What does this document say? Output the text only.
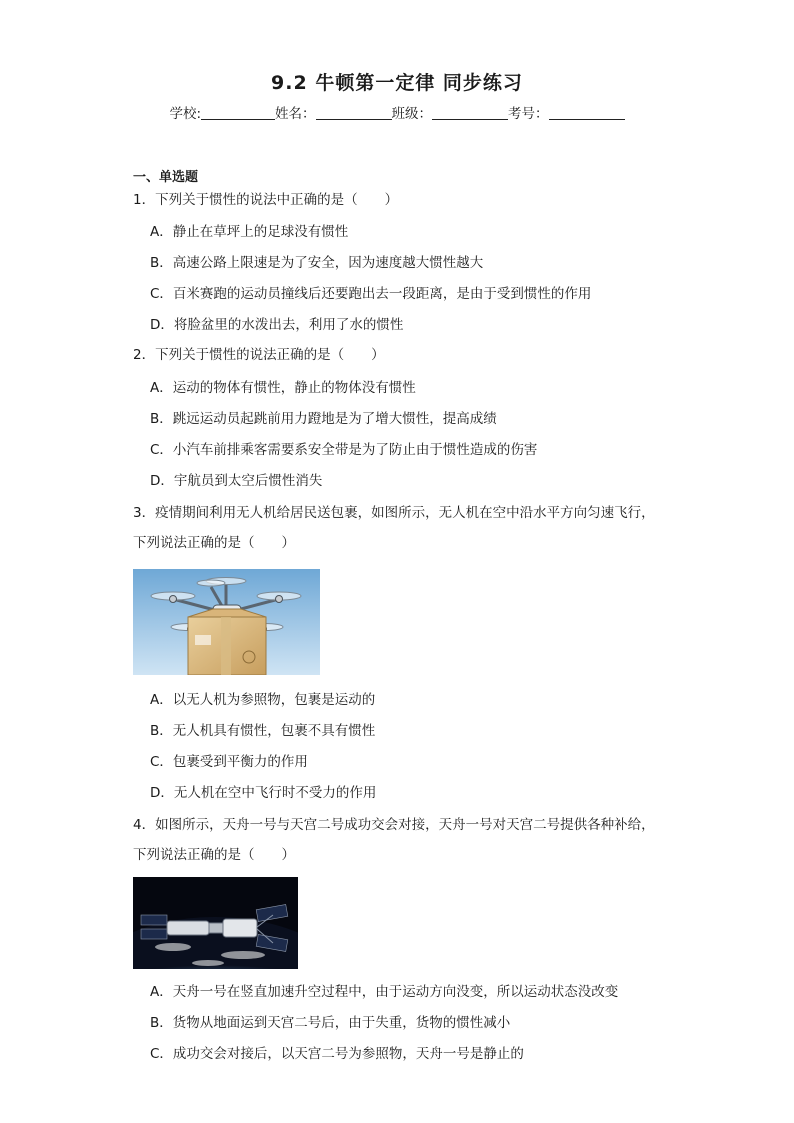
9.2 牛顿第一定律 同步练习
学校:	姓名：	班级：	考号：
一、单选题
1．下列关于惯性的说法中正确的是（　　）
A．静止在草坪上的足球没有惯性
B．高速公路上限速是为了安全，因为速度越大惯性越大
C．百米赛跑的运动员撞线后还要跑出去一段距离，是由于受到惯性的作用
D．将脸盆里的水泼出去，利用了水的惯性
2．下列关于惯性的说法正确的是（　　）
A．运动的物体有惯性，静止的物体没有惯性
B．跳远运动员起跳前用力蹬地是为了增大惯性，提高成绩
C．小汽车前排乘客需要系安全带是为了防止由于惯性造成的伤害
D．宇航员到太空后惯性消失
3．疫情期间利用无人机给居民送包裹，如图所示，无人机在空中沿水平方向匀速飞行，
下列说法正确的是（　　）
A．以无人机为参照物，包裹是运动的
B．无人机具有惯性，包裹不具有惯性
C．包裹受到平衡力的作用
D．无人机在空中飞行时不受力的作用
4．如图所示，天舟一号与天宫二号成功交会对接，天舟一号对天宫二号提供各种补给，
下列说法正确的是（　　）
A．天舟一号在竖直加速升空过程中，由于运动方向没变，所以运动状态没改变
B．货物从地面运到天宫二号后，由于失重，货物的惯性减小
C．成功交会对接后，以天宫二号为参照物，天舟一号是静止的
